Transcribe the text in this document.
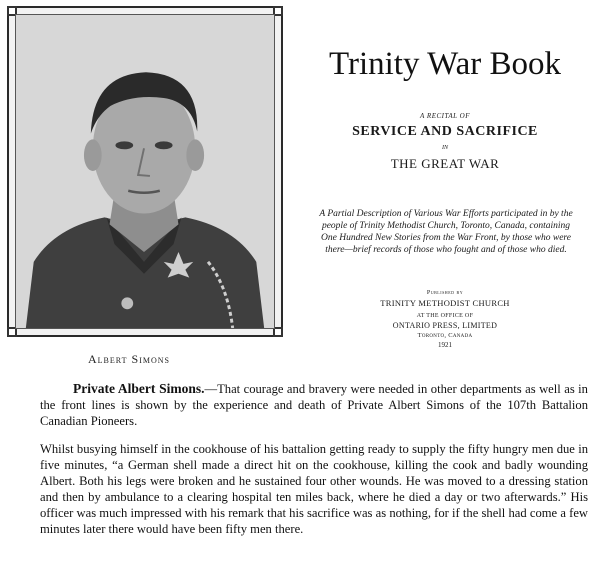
Albert Simons
Trinity War Book
A RECITAL OF
SERVICE AND SACRIFICE
IN
THE GREAT WAR
A Partial Description of Various War Efforts participated in by the people of Trinity Methodist Church, Toronto, Canada, containing One Hundred New Stories from the War Front, by those who were there—brief records of those who fought and of those who died.
Published by
TRINITY METHODIST CHURCH
AT THE OFFICE OF
ONTARIO PRESS, LIMITED
Toronto, Canada
1921
Private Albert Simons.—That courage and bravery were needed in other departments as well as in the front lines is shown by the experience and death of Private Albert Simons of the 107th Battalion Canadian Pioneers.
Whilst busying himself in the cookhouse of his battalion getting ready to supply the fifty hungry men due in five minutes, “a German shell made a direct hit on the cookhouse, killing the cook and badly wounding Albert. Both his legs were broken and he sustained four other wounds. He was moved to a dressing station and then by ambulance to a clearing hospital ten miles back, where he died a day or two afterwards.” His officer was much impressed with his remark that his sacrifice was as nothing, for if the shell had come a few minutes later there would have been fifty men there.
